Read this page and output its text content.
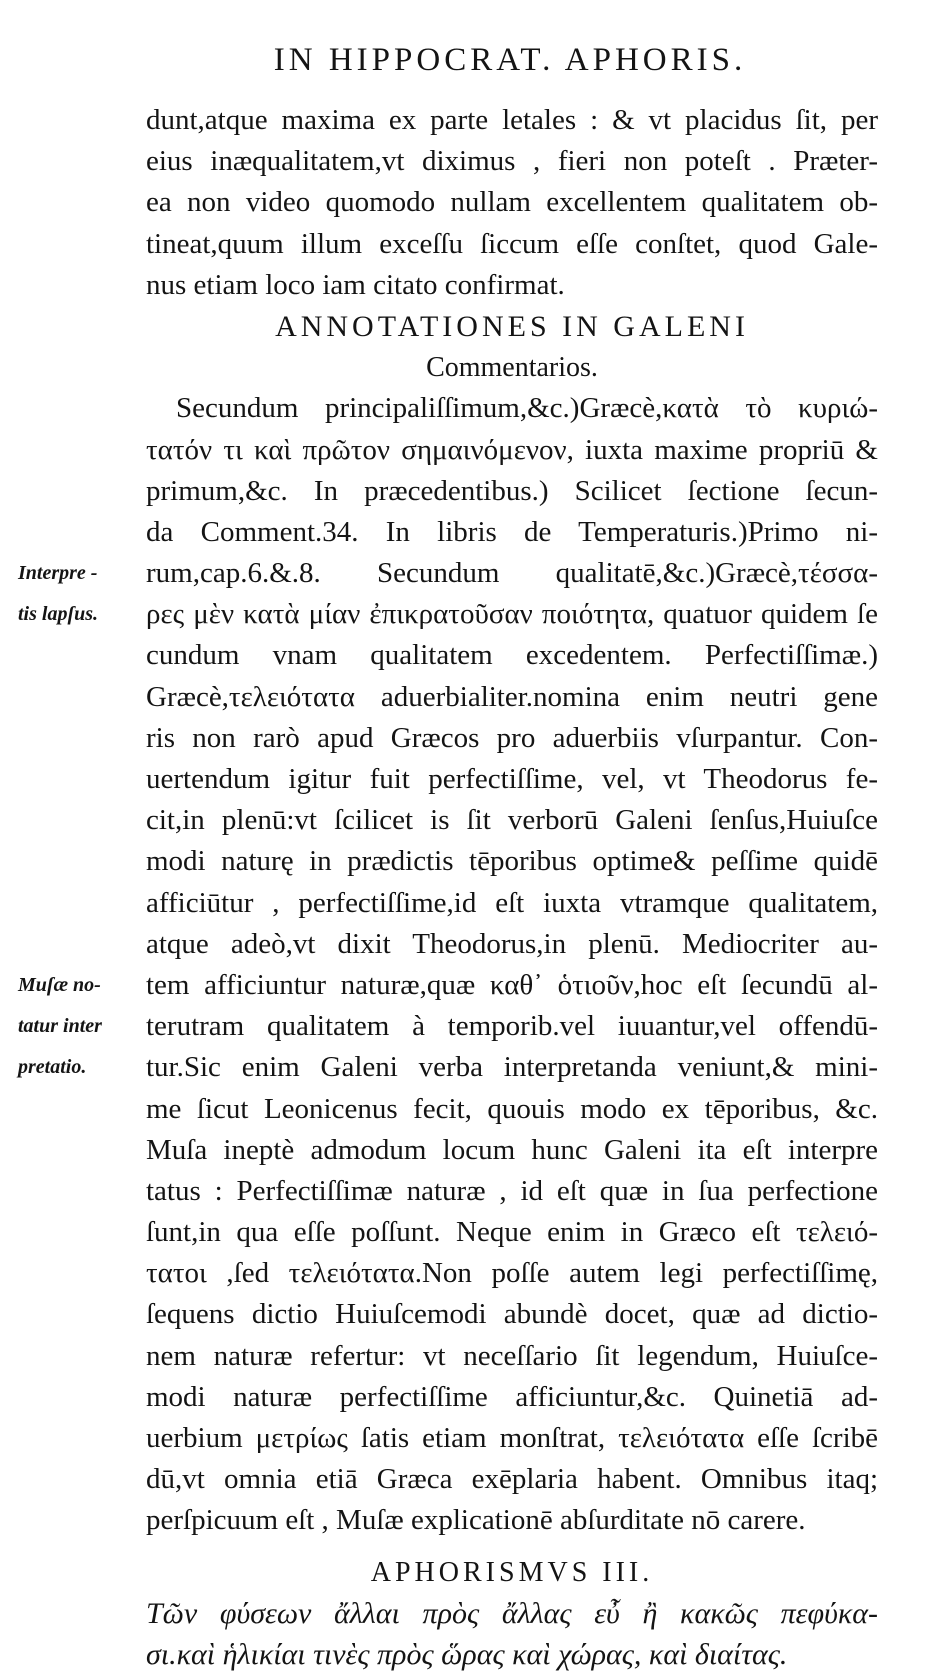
IN HIPPOCRAT. APHORIS.
dunt,atque maxima ex parte letales : & vt placidus ſit, per
eius inæqualitatem,vt diximus , fieri non poteſt . Præter-
ea non video quomodo nullam excellentem qualitatem ob-
tineat,quum illum exceſſu ſiccum eſſe conſtet, quod Gale-
nus etiam loco iam citato confirmat.
ANNOTATIONES IN GALENI
Commentarios.
Secundum principaliſſimum,&c.)Græcè,κατὰ τὸ κυριώ-
τατόν τι καὶ πρῶτον σημαινόμενον, iuxta maxime propriū &
primum,&c. In præcedentibus.) Scilicet ſectione ſecun-
da Comment.34. In libris de Temperaturis.)Primo ni-
rum,cap.6.&.8. Secundum qualitatē,&c.)Græcè,τέσσα-
ρες μὲν κατὰ μίαν ἐπικρατοῦσαν ποιότητα, quatuor quidem ſe
cundum vnam qualitatem excedentem. Perfectiſſimæ.)
Græcè,τελειότατα aduerbialiter.nomina enim neutri gene
ris non rarò apud Græcos pro aduerbiis vſurpantur. Con-
uertendum igitur fuit perfectiſſime, vel, vt Theodorus fe-
cit,in plenū:vt ſcilicet is ſit verborū Galeni ſenſus,Huiuſce
modi naturę in prædictis tēporibus optime& peſſime quidē
afficiūtur , perfectiſſime,id eſt iuxta vtramque qualitatem,
atque adeò,vt dixit Theodorus,in plenū. Mediocriter au-
tem afficiuntur naturæ,quæ καθ᾽ ὁτιοῦν,hoc eſt ſecundū al-
terutram qualitatem à temporib.vel iuuantur,vel offendū-
tur.Sic enim Galeni verba interpretanda veniunt,& mini-
me ſicut Leonicenus fecit, quouis modo ex tēporibus, &c.
Muſa ineptè admodum locum hunc Galeni ita eſt interpre
tatus : Perfectiſſimæ naturæ , id eſt quæ in ſua perfectione
ſunt,in qua eſſe poſſunt. Neque enim in Græco eſt τελειό-
τατοι ,ſed τελειότατα.Non poſſe autem legi perfectiſſimę,
ſequens dictio Huiuſcemodi abundè docet, quæ ad dictio-
nem naturæ refertur: vt neceſſario ſit legendum, Huiuſce-
modi naturæ perfectiſſime afficiuntur,&c. Quinetiā ad-
uerbium μετρίως ſatis etiam monſtrat, τελειότατα eſſe ſcribē
dū,vt omnia etiā Græca exēplaria habent. Omnibus itaq;
perſpicuum eſt , Muſæ explicationē abſurditate nō carere.
APHORISMVS III.
Τῶν φύσεων ἄλλαι πρὸς ἄλλας εὖ ἢ κακῶς πεφύκα-
σι.καὶ ἡλικίαι τινὲς πρὸς ὥρας καὶ χώρας, καὶ διαίτας.
Interpre -
tis lapſus.
Muſæ no-
tatur inter
pretatio.
